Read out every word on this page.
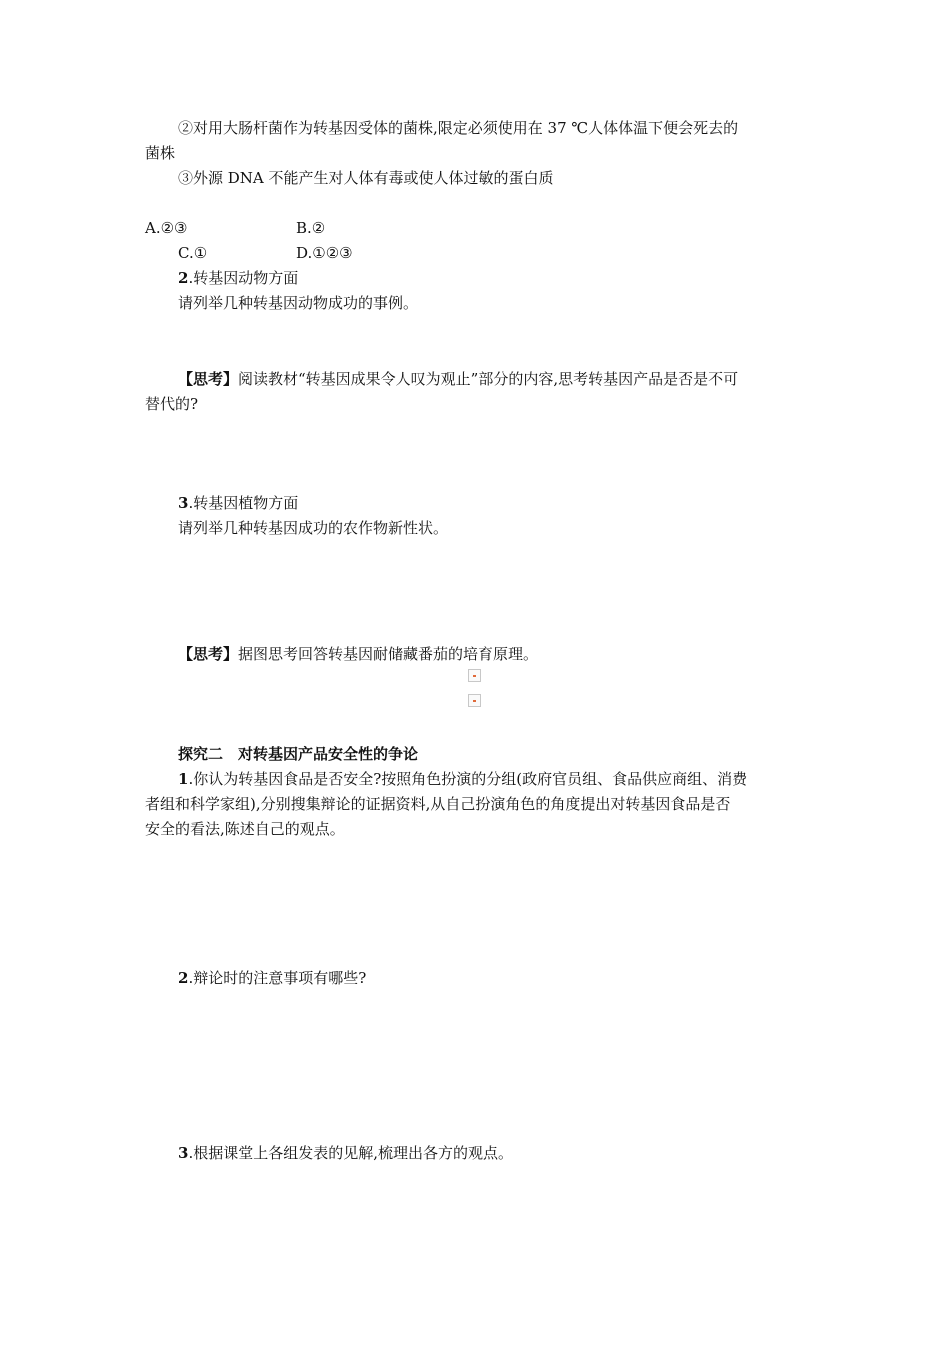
②对用大肠杆菌作为转基因受体的菌株,限定必须使用在 37 ℃人体体温下便会死去的
菌株
③外源 DNA 不能产生对人体有毒或使人体过敏的蛋白质
A.②③	B.②
C.①	D.①②③
2.转基因动物方面
请列举几种转基因动物成功的事例。
【思考】阅读教材“转基因成果令人叹为观止”部分的内容,思考转基因产品是否是不可
替代的?
3.转基因植物方面
请列举几种转基因成功的农作物新性状。
【思考】据图思考回答转基因耐储藏番茄的培育原理。
探究二　对转基因产品安全性的争论
1.你认为转基因食品是否安全?按照角色扮演的分组(政府官员组、食品供应商组、消费
者组和科学家组),分别搜集辩论的证据资料,从自己扮演角色的角度提出对转基因食品是否
安全的看法,陈述自己的观点。
2.辩论时的注意事项有哪些?
3.根据课堂上各组发表的见解,梳理出各方的观点。
